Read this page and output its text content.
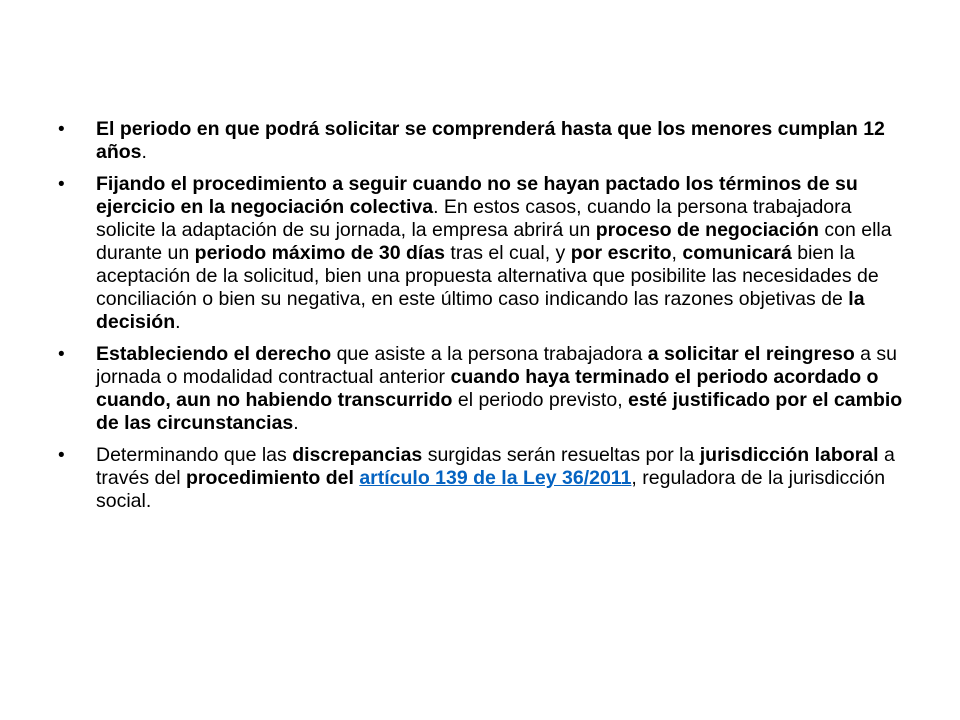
• El periodo en que podrá solicitar se comprenderá hasta que los menores cumplan 12 años.
• Fijando el procedimiento a seguir cuando no se hayan pactado los términos de su ejercicio en la negociación colectiva. En estos casos, cuando la persona trabajadora solicite la adaptación de su jornada, la empresa abrirá un proceso de negociación con ella durante un periodo máximo de 30 días tras el cual, y por escrito, comunicará bien la aceptación de la solicitud, bien una propuesta alternativa que posibilite las necesidades de conciliación o bien su negativa, en este último caso indicando las razones objetivas de la decisión.
• Estableciendo el derecho que asiste a la persona trabajadora a solicitar el reingreso a su jornada o modalidad contractual anterior cuando haya terminado el periodo acordado o cuando, aun no habiendo transcurrido el periodo previsto, esté justificado por el cambio de las circunstancias.
• Determinando que las discrepancias surgidas serán resueltas por la jurisdicción laboral a través del procedimiento del artículo 139 de la Ley 36/2011, reguladora de la jurisdicción social.
